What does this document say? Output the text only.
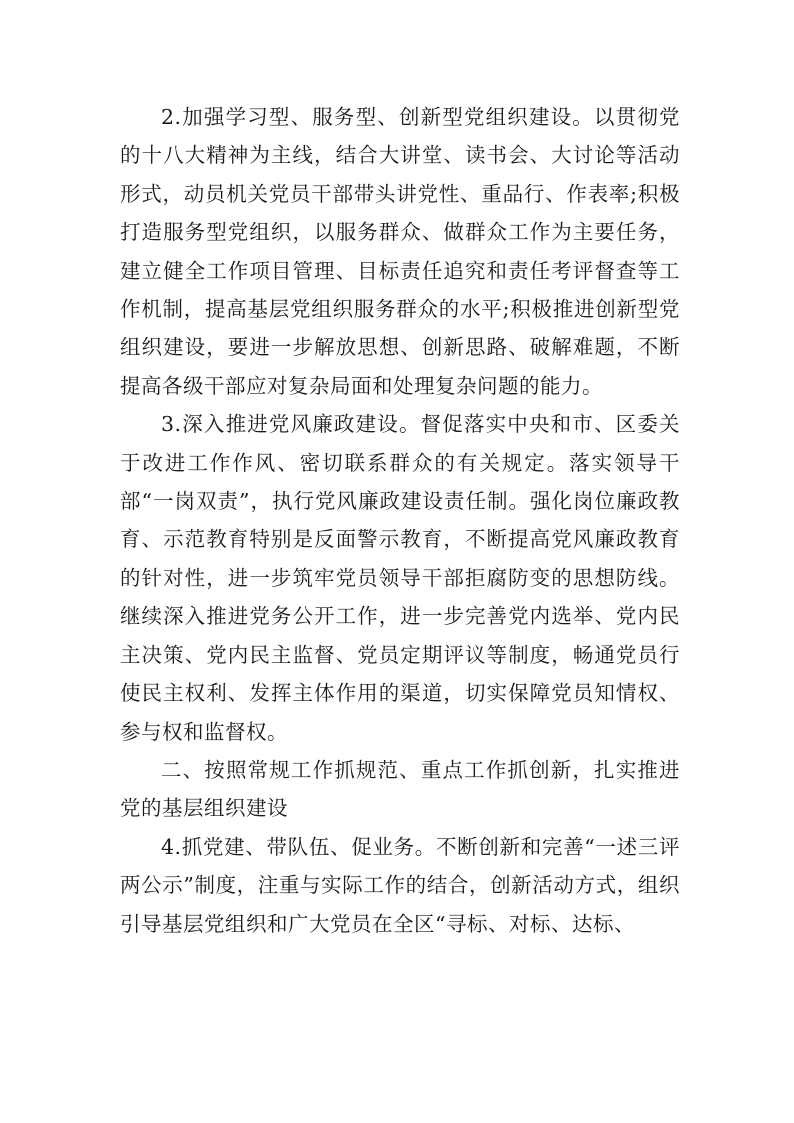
2.加强学习型、服务型、创新型党组织建设。以贯彻党的十八大精神为主线，结合大讲堂、读书会、大讨论等活动形式，动员机关党员干部带头讲党性、重品行、作表率;积极打造服务型党组织，以服务群众、做群众工作为主要任务，建立健全工作项目管理、目标责任追究和责任考评督查等工作机制，提高基层党组织服务群众的水平;积极推进创新型党组织建设，要进一步解放思想、创新思路、破解难题，不断提高各级干部应对复杂局面和处理复杂问题的能力。

3.深入推进党风廉政建设。督促落实中央和市、区委关于改进工作作风、密切联系群众的有关规定。落实领导干部“一岗双责”，执行党风廉政建设责任制。强化岗位廉政教育、示范教育特别是反面警示教育，不断提高党风廉政教育的针对性，进一步筑牢党员领导干部拒腐防变的思想防线。继续深入推进党务公开工作，进一步完善党内选举、党内民主决策、党内民主监督、党员定期评议等制度，畅通党员行使民主权利、发挥主体作用的渠道，切实保障党员知情权、参与权和监督权。

二、按照常规工作抓规范、重点工作抓创新，扎实推进党的基层组织建设

4.抓党建、带队伍、促业务。不断创新和完善“一述三评两公示”制度，注重与实际工作的结合，创新活动方式，组织引导基层党组织和广大党员在全区“寻标、对标、达标、
